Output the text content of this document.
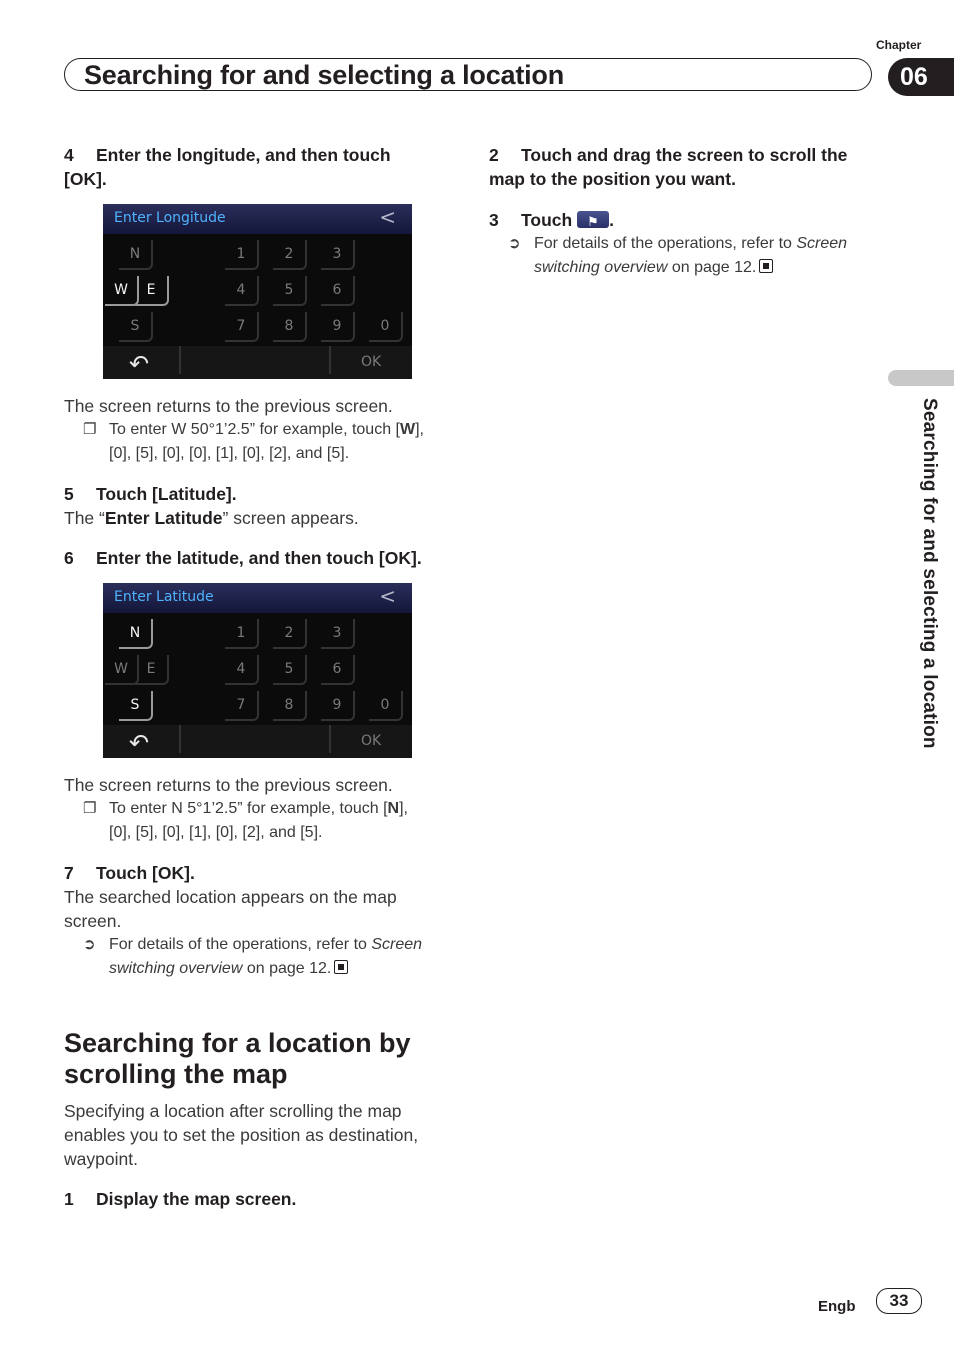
Chapter
Searching for and selecting a location	06
Searching for and selecting a location
4 Enter the longitude, and then touch
[OK].
Enter Longitude	<
N
W	E
S
1	2	3
4	5	6
7	8	9	0
↶	OK
The screen returns to the previous screen.
❐ To enter W 50°1’2.5” for example, touch [W],
[0], [5], [0], [0], [1], [0], [2], and [5].
5 Touch [Latitude].
The “Enter Latitude” screen appears.
6 Enter the latitude, and then touch [OK].
Enter Latitude	<
N
W	E
S
1	2	3
4	5	6
7	8	9	0
↶	OK
The screen returns to the previous screen.
❐ To enter N 5°1’2.5” for example, touch [N],
[0], [5], [0], [1], [0], [2], and [5].
7 Touch [OK].
The searched location appears on the map
screen.
➲ For details of the operations, refer to Screen
switching overview on page 12.
Searching for a location by
scrolling the map
Specifying a location after scrolling the map
enables you to set the position as destination,
waypoint.
1 Display the map screen.
2 Touch and drag the screen to scroll the
map to the position you want.
3 Touch ⚑ .
➲ For details of the operations, refer to Screen
switching overview on page 12.
Engb	33
